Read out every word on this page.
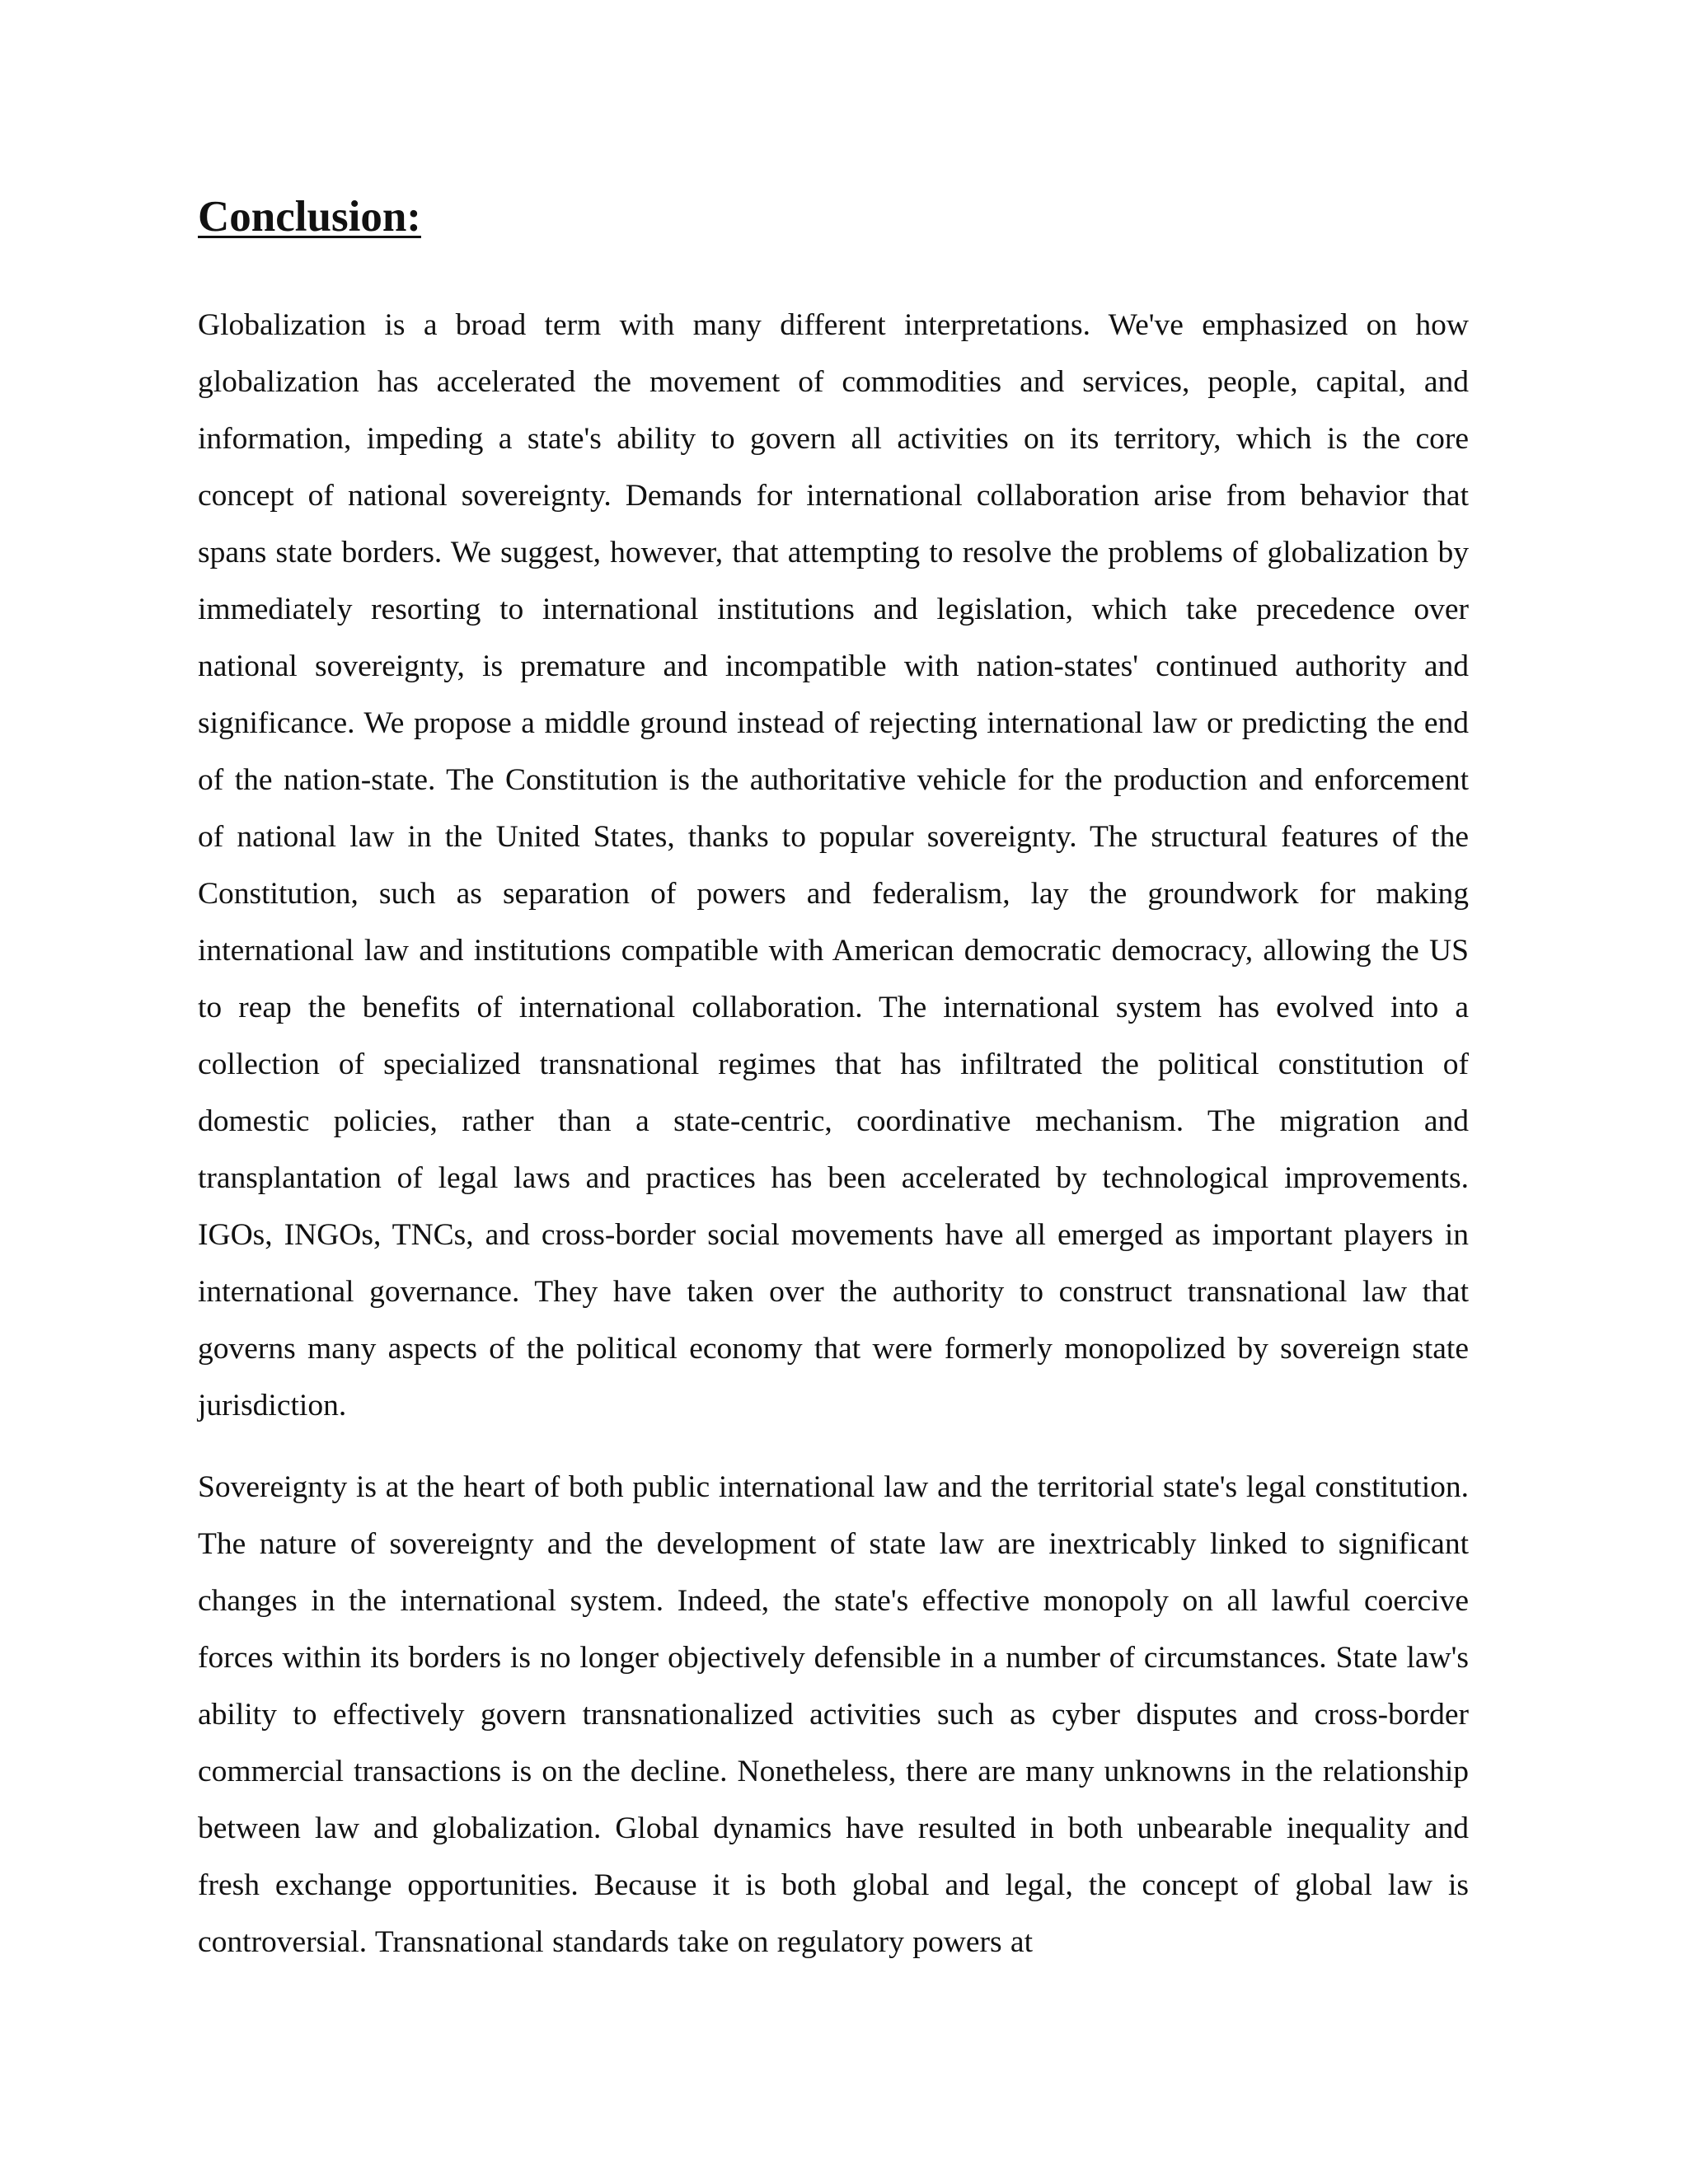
Conclusion:

Globalization is a broad term with many different interpretations. We've emphasized on how globalization has accelerated the movement of commodities and services, people, capital, and information, impeding a state's ability to govern all activities on its territory, which is the core concept of national sovereignty. Demands for international collaboration arise from behavior that spans state borders. We suggest, however, that attempting to resolve the problems of globalization by immediately resorting to international institutions and legislation, which take precedence over national sovereignty, is premature and incompatible with nation-states' continued authority and significance. We propose a middle ground instead of rejecting international law or predicting the end of the nation-state. The Constitution is the authoritative vehicle for the production and enforcement of national law in the United States, thanks to popular sovereignty. The structural features of the Constitution, such as separation of powers and federalism, lay the groundwork for making international law and institutions compatible with American democratic democracy, allowing the US to reap the benefits of international collaboration. The international system has evolved into a collection of specialized transnational regimes that has infiltrated the political constitution of domestic policies, rather than a state-centric, coordinative mechanism. The migration and transplantation of legal laws and practices has been accelerated by technological improvements. IGOs, INGOs, TNCs, and cross-border social movements have all emerged as important players in international governance. They have taken over the authority to construct transnational law that governs many aspects of the political economy that were formerly monopolized by sovereign state jurisdiction.

Sovereignty is at the heart of both public international law and the territorial state's legal constitution. The nature of sovereignty and the development of state law are inextricably linked to significant changes in the international system. Indeed, the state's effective monopoly on all lawful coercive forces within its borders is no longer objectively defensible in a number of circumstances. State law's ability to effectively govern transnationalized activities such as cyber disputes and cross-border commercial transactions is on the decline. Nonetheless, there are many unknowns in the relationship between law and globalization. Global dynamics have resulted in both unbearable inequality and fresh exchange opportunities. Because it is both global and legal, the concept of global law is controversial. Transnational standards take on regulatory powers at
